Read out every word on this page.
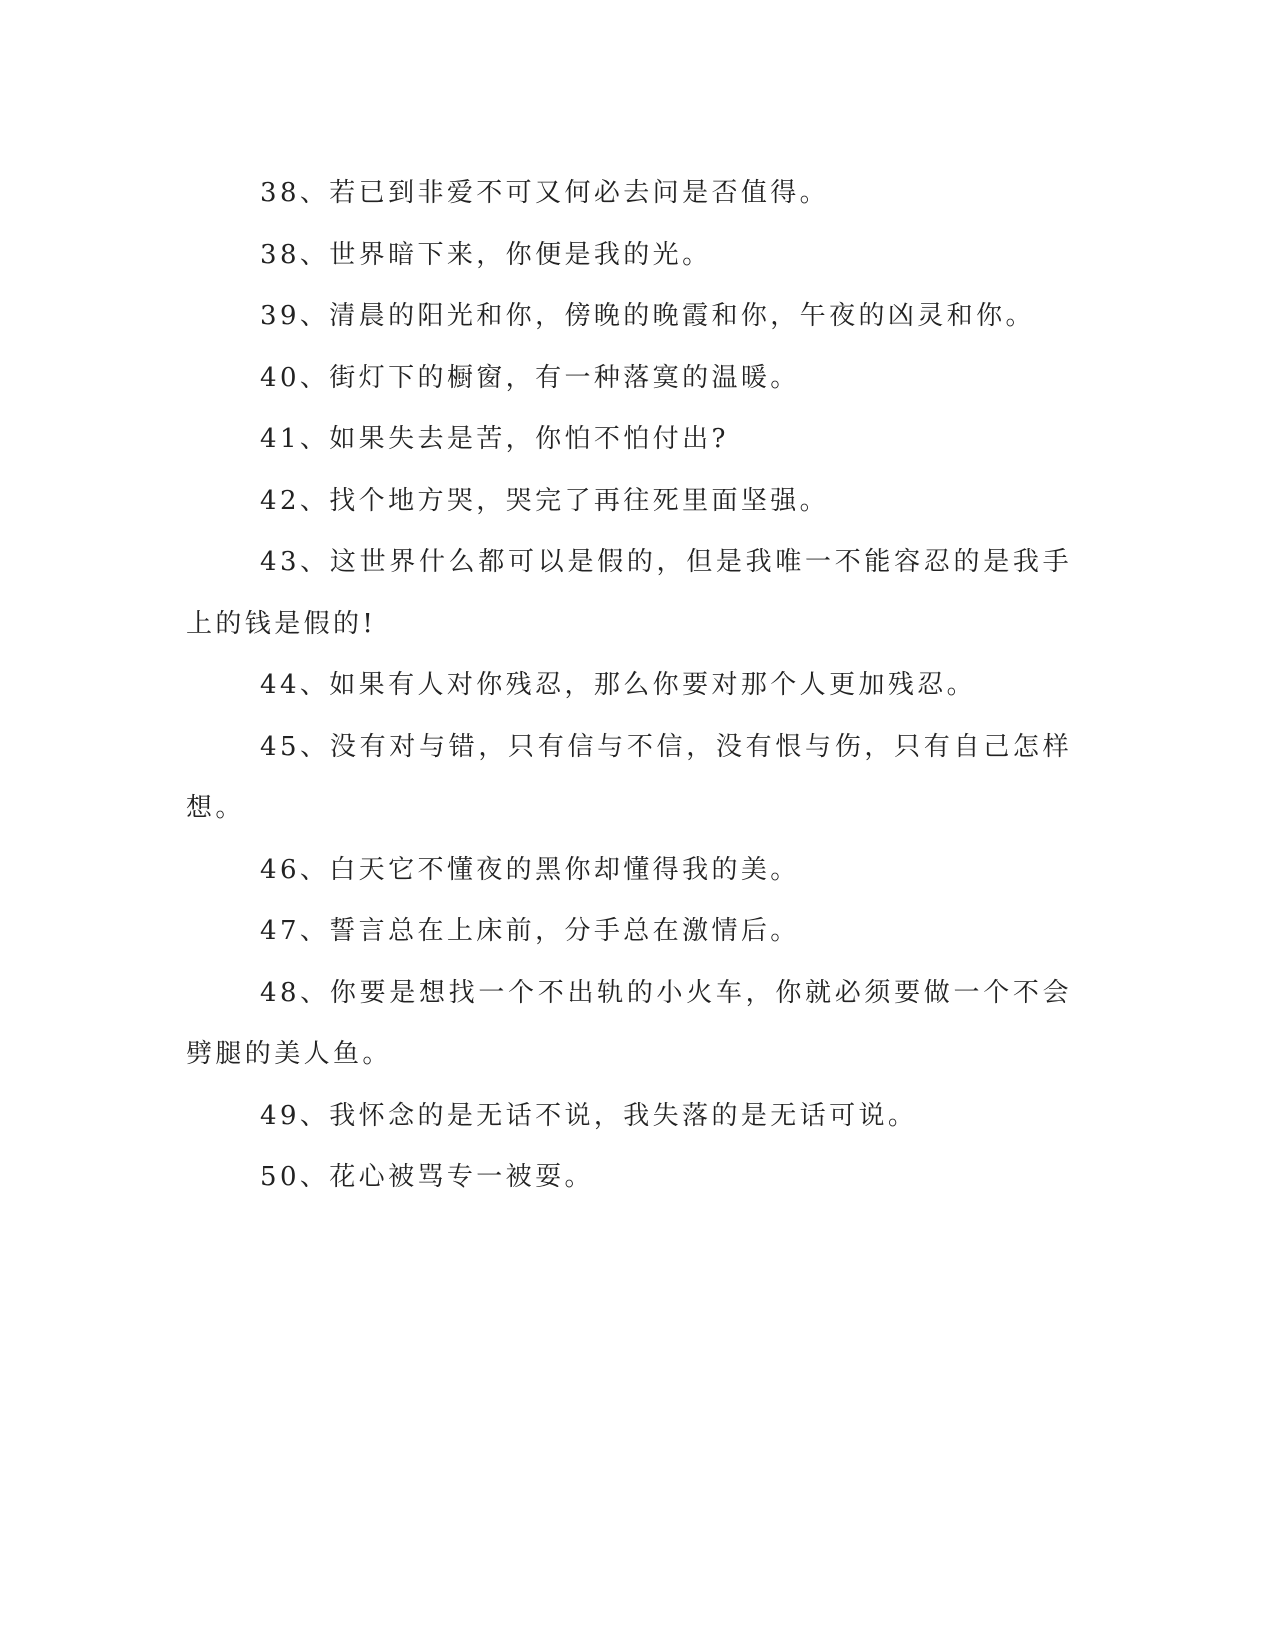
38、若已到非爱不可又何必去问是否值得。

38、世界暗下来，你便是我的光。

39、清晨的阳光和你，傍晚的晚霞和你，午夜的凶灵和你。

40、街灯下的橱窗，有一种落寞的温暖。

41、如果失去是苦，你怕不怕付出?

42、找个地方哭，哭完了再往死里面坚强。

43、这世界什么都可以是假的，但是我唯一不能容忍的是我手上的钱是假的!

44、如果有人对你残忍，那么你要对那个人更加残忍。

45、没有对与错，只有信与不信，没有恨与伤，只有自己怎样想。

46、白天它不懂夜的黑你却懂得我的美。

47、誓言总在上床前，分手总在激情后。

48、你要是想找一个不出轨的小火车，你就必须要做一个不会劈腿的美人鱼。

49、我怀念的是无话不说，我失落的是无话可说。

50、花心被骂专一被耍。
